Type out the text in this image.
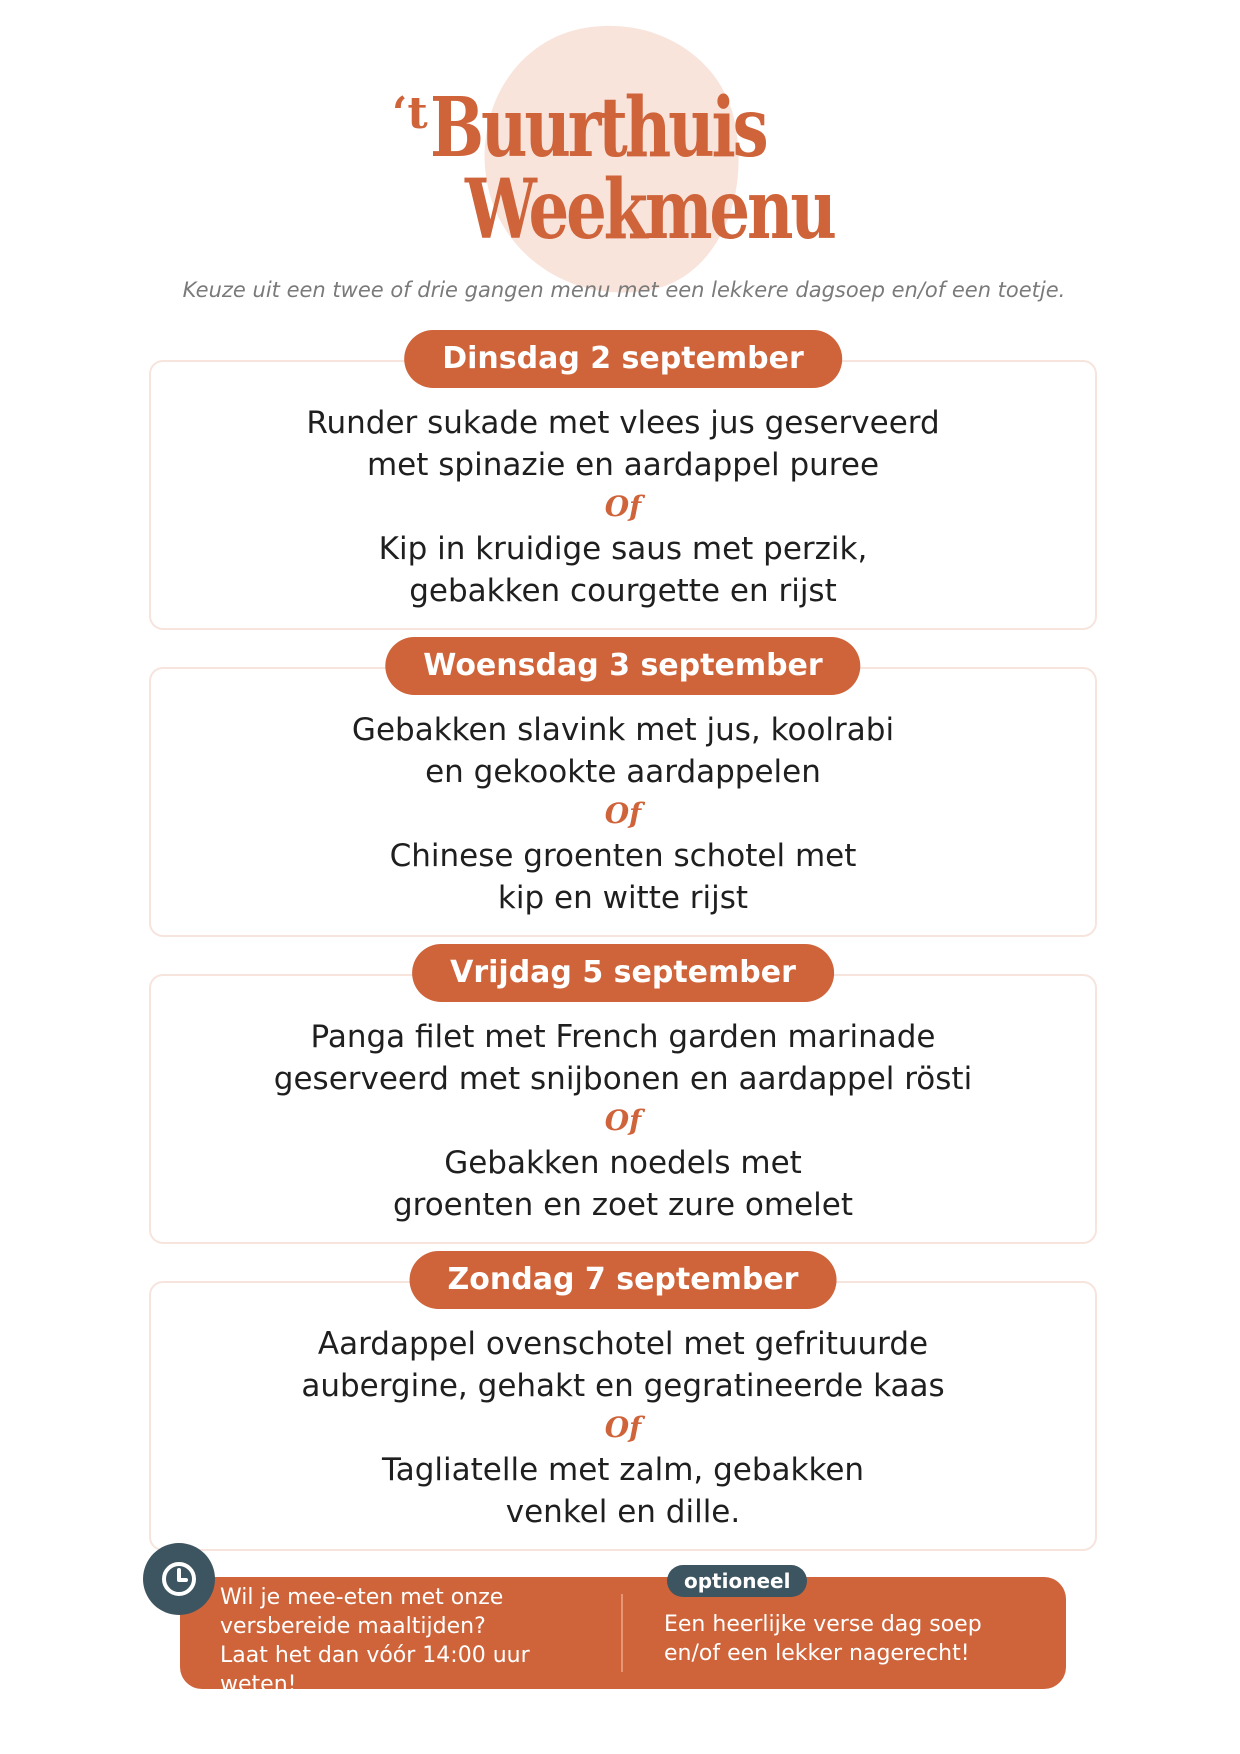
‘t Buurthuis
Weekmenu
Keuze uit een twee of drie gangen menu met een lekkere dagsoep en/of een toetje.
Dinsdag 2 september
Runder sukade met vlees jus geserveerd
met spinazie en aardappel puree
Of
Kip in kruidige saus met perzik,
gebakken courgette en rijst
Woensdag 3 september
Gebakken slavink met jus, koolrabi
en gekookte aardappelen
Of
Chinese groenten schotel met
kip en witte rijst
Vrijdag 5 september
Panga filet met French garden marinade
geserveerd met snijbonen en aardappel rösti
Of
Gebakken noedels met
groenten en zoet zure omelet
Zondag 7 september
Aardappel ovenschotel met gefrituurde
aubergine, gehakt en gegratineerde kaas
Of
Tagliatelle met zalm, gebakken
venkel en dille.
Wil je mee-eten met onze
versbereide maaltijden?
Laat het dan vóór 14:00 uur weten!
optioneel
Een heerlijke verse dag soep
en/of een lekker nagerecht!
